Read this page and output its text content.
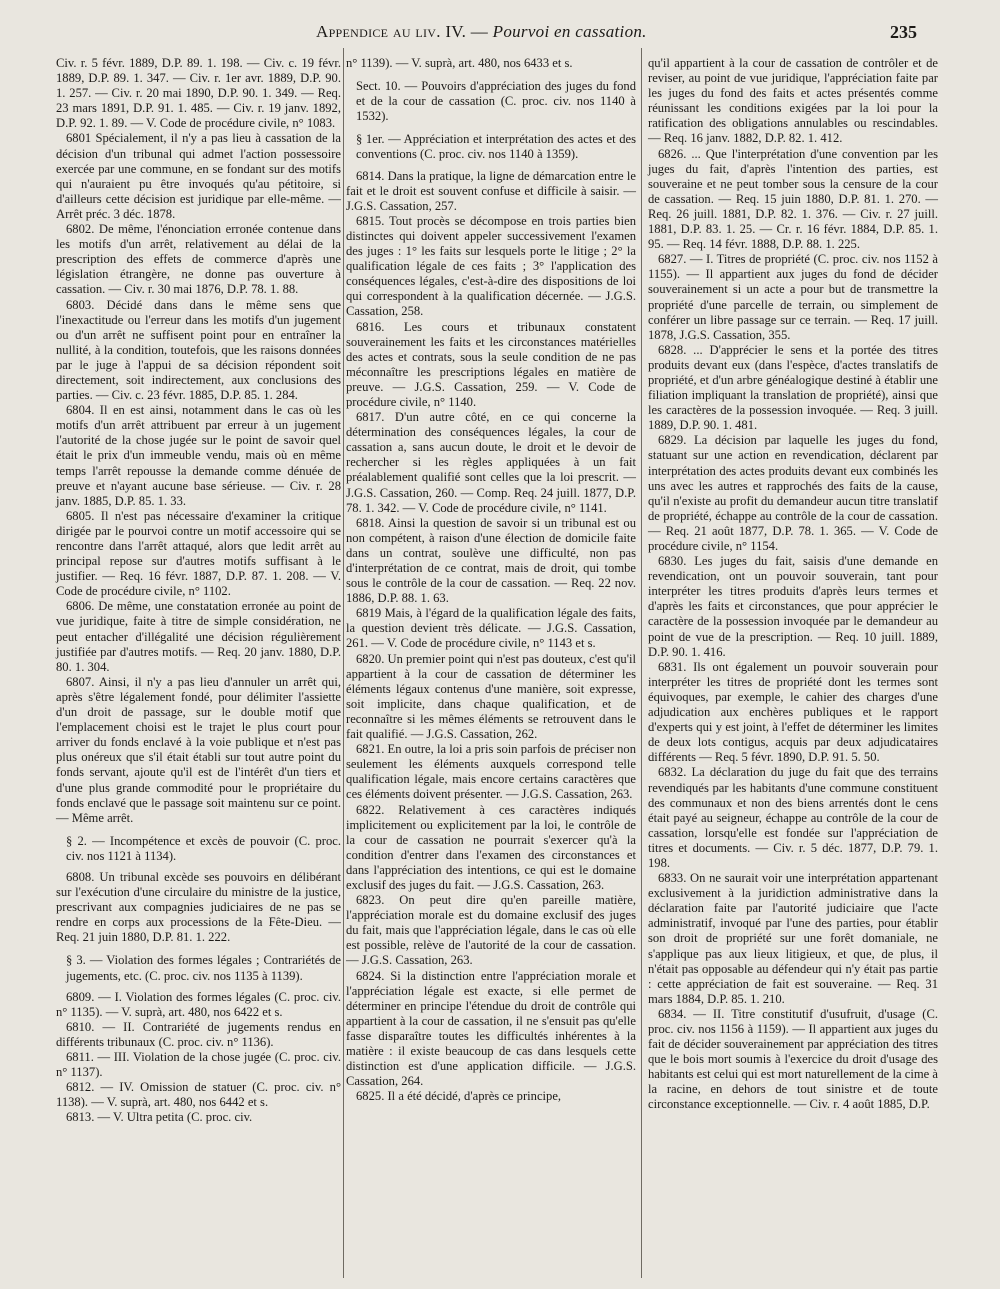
Appendice au liv. IV. — Pourvoi en cassation.	235

Civ. r. 5 févr. 1889, D.P. 89. 1. 198. — Civ. c. 19 févr. 1889, D.P. 89. 1. 347. — Civ. r. 1er avr. 1889, D.P. 90. 1. 257. — Civ. r. 20 mai 1890, D.P. 90. 1. 349. — Req. 23 mars 1891, D.P. 91. 1. 485. — Civ. r. 19 janv. 1892, D.P. 92. 1. 89. — V. Code de procédure civile, n° 1083.

6801 Spécialement, il n'y a pas lieu à cassation de la décision d'un tribunal qui admet l'action possessoire exercée par une commune, en se fondant sur des motifs qui n'auraient pu être invoqués qu'au pétitoire, si d'ailleurs cette décision est juridique par elle-même. — Arrêt préc. 3 déc. 1878.

6802. De même, l'énonciation erronée contenue dans les motifs d'un arrêt, relativement au délai de la prescription des effets de commerce d'après une législation étrangère, ne donne pas ouverture à cassation. — Civ. r. 30 mai 1876, D.P. 78. 1. 88.

6803. Décidé dans dans le même sens que l'inexactitude ou l'erreur dans les motifs d'un jugement ou d'un arrêt ne suffisent point pour en entraîner la nullité, à la condition, toutefois, que les raisons données par le juge à l'appui de sa décision répondent soit directement, soit indirectement, aux conclusions des parties. — Civ. c. 23 févr. 1885, D.P. 85. 1. 284.

6804. Il en est ainsi, notamment dans le cas où les motifs d'un arrêt attribuent par erreur à un jugement l'autorité de la chose jugée sur le point de savoir quel était le prix d'un immeuble vendu, mais où en même temps l'arrêt repousse la demande comme dénuée de preuve et n'ayant aucune base sérieuse. — Civ. r. 28 janv. 1885, D.P. 85. 1. 33.

6805. Il n'est pas nécessaire d'examiner la critique dirigée par le pourvoi contre un motif accessoire qui se rencontre dans l'arrêt attaqué, alors que ledit arrêt au principal repose sur d'autres motifs suffisant à le justifier. — Req. 16 févr. 1887, D.P. 87. 1. 208. — V. Code de procédure civile, n° 1102.

6806. De même, une constatation erronée au point de vue juridique, faite à titre de simple considération, ne peut entacher d'illégalité une décision régulièrement justifiée par d'autres motifs. — Req. 20 janv. 1880, D.P. 80. 1. 304.

6807. Ainsi, il n'y a pas lieu d'annuler un arrêt qui, après s'être légalement fondé, pour délimiter l'assiette d'un droit de passage, sur le double motif que l'emplacement choisi est le trajet le plus court pour arriver du fonds enclavé à la voie publique et n'est pas plus onéreux que s'il était établi sur tout autre point du fonds servant, ajoute qu'il est de l'intérêt d'un tiers et d'une plus grande commodité pour le propriétaire du fonds enclavé que le passage soit maintenu sur ce point. — Même arrêt.

§ 2. — Incompétence et excès de pouvoir (C. proc. civ. nos 1121 à 1134).

6808. Un tribunal excède ses pouvoirs en délibérant sur l'exécution d'une circulaire du ministre de la justice, prescrivant aux compagnies judiciaires de ne pas se rendre en corps aux processions de la Fête-Dieu. — Req. 21 juin 1880, D.P. 81. 1. 222.

§ 3. — Violation des formes légales ; Contrariétés de jugements, etc. (C. proc. civ. nos 1135 à 1139).

6809. — I. Violation des formes légales (C. proc. civ. n° 1135). — V. suprà, art. 480, nos 6422 et s.

6810. — II. Contrariété de jugements rendus en différents tribunaux (C. proc. civ. n° 1136).

6811. — III. Violation de la chose jugée (C. proc. civ. n° 1137).

6812. — IV. Omission de statuer (C. proc. civ. n° 1138). — V. suprà, art. 480, nos 6442 et s.

6813. — V. Ultra petita (C. proc. civ.

n° 1139). — V. suprà, art. 480, nos 6433 et s.

Sect. 10. — Pouvoirs d'appréciation des juges du fond et de la cour de cassation (C. proc. civ. nos 1140 à 1532).

§ 1er. — Appréciation et interprétation des actes et des conventions (C. proc. civ. nos 1140 à 1359).

6814. Dans la pratique, la ligne de démarcation entre le fait et le droit est souvent confuse et difficile à saisir. — J.G.S. Cassation, 257.

6815. Tout procès se décompose en trois parties bien distinctes qui doivent appeler successivement l'examen des juges : 1° les faits sur lesquels porte le litige ; 2° la qualification légale de ces faits ; 3° l'application des conséquences légales, c'est-à-dire des dispositions de loi qui correspondent à la qualification décernée. — J.G.S. Cassation, 258.

6816. Les cours et tribunaux constatent souverainement les faits et les circonstances matérielles des actes et contrats, sous la seule condition de ne pas méconnaître les prescriptions légales en matière de preuve. — J.G.S. Cassation, 259. — V. Code de procédure civile, n° 1140.

6817. D'un autre côté, en ce qui concerne la détermination des conséquences légales, la cour de cassation a, sans aucun doute, le droit et le devoir de rechercher si les règles appliquées à un fait préalablement qualifié sont celles que la loi prescrit. — J.G.S. Cassation, 260. — Comp. Req. 24 juill. 1877, D.P. 78. 1. 342. — V. Code de procédure civile, n° 1141.

6818. Ainsi la question de savoir si un tribunal est ou non compétent, à raison d'une élection de domicile faite dans un contrat, soulève une difficulté, non pas d'interprétation de ce contrat, mais de droit, qui tombe sous le contrôle de la cour de cassation. — Req. 22 nov. 1886, D.P. 88. 1. 63.

6819 Mais, à l'égard de la qualification légale des faits, la question devient très délicate. — J.G.S. Cassation, 261. — V. Code de procédure civile, n° 1143 et s.

6820. Un premier point qui n'est pas douteux, c'est qu'il appartient à la cour de cassation de déterminer les éléments légaux contenus d'une manière, soit expresse, soit implicite, dans chaque qualification, et de reconnaître si les mêmes éléments se retrouvent dans le fait qualifié. — J.G.S. Cassation, 262.

6821. En outre, la loi a pris soin parfois de préciser non seulement les éléments auxquels correspond telle qualification légale, mais encore certains caractères que ces éléments doivent présenter. — J.G.S. Cassation, 263.

6822. Relativement à ces caractères indiqués implicitement ou explicitement par la loi, le contrôle de la cour de cassation ne pourrait s'exercer qu'à la condition d'entrer dans l'examen des circonstances et dans l'appréciation des intentions, ce qui est le domaine exclusif des juges du fait. — J.G.S. Cassation, 263.

6823. On peut dire qu'en pareille matière, l'appréciation morale est du domaine exclusif des juges du fait, mais que l'appréciation légale, dans le cas où elle est possible, relève de l'autorité de la cour de cassation. — J.G.S. Cassation, 263.

6824. Si la distinction entre l'appréciation morale et l'appréciation légale est exacte, si elle permet de déterminer en principe l'étendue du droit de contrôle qui appartient à la cour de cassation, il ne s'ensuit pas qu'elle fasse disparaître toutes les difficultés inhérentes à la matière : il existe beaucoup de cas dans lesquels cette distinction est d'une application difficile. — J.G.S. Cassation, 264.

6825. Il a été décidé, d'après ce principe,

qu'il appartient à la cour de cassation de contrôler et de reviser, au point de vue juridique, l'appréciation faite par les juges du fond des faits et actes présentés comme réunissant les conditions exigées par la loi pour la ratification des obligations annulables ou rescindables. — Req. 16 janv. 1882, D.P. 82. 1. 412.

6826. ... Que l'interprétation d'une convention par les juges du fait, d'après l'intention des parties, est souveraine et ne peut tomber sous la censure de la cour de cassation. — Req. 15 juin 1880, D.P. 81. 1. 270. — Req. 26 juill. 1881, D.P. 82. 1. 376. — Civ. r. 27 juill. 1881, D.P. 83. 1. 25. — Cr. r. 16 févr. 1884, D.P. 85. 1. 95. — Req. 14 févr. 1888, D.P. 88. 1. 225.

6827. — I. Titres de propriété (C. proc. civ. nos 1152 à 1155). — Il appartient aux juges du fond de décider souverainement si un acte a pour but de transmettre la propriété d'une parcelle de terrain, ou simplement de conférer un libre passage sur ce terrain. — Req. 17 juill. 1878, J.G.S. Cassation, 355.

6828. ... D'apprécier le sens et la portée des titres produits devant eux (dans l'espèce, d'actes translatifs de propriété, et d'un arbre généalogique destiné à établir une filiation impliquant la translation de propriété), ainsi que les caractères de la possession invoquée. — Req. 3 juill. 1889, D.P. 90. 1. 481.

6829. La décision par laquelle les juges du fond, statuant sur une action en revendication, déclarent par interprétation des actes produits devant eux combinés les uns avec les autres et rapprochés des faits de la cause, qu'il n'existe au profit du demandeur aucun titre translatif de propriété, échappe au contrôle de la cour de cassation. — Req. 21 août 1877, D.P. 78. 1. 365. — V. Code de procédure civile, n° 1154.

6830. Les juges du fait, saisis d'une demande en revendication, ont un pouvoir souverain, tant pour interpréter les titres produits d'après leurs termes et d'après les faits et circonstances, que pour apprécier le caractère de la possession invoquée par le demandeur au point de vue de la prescription. — Req. 10 juill. 1889, D.P. 90. 1. 416.

6831. Ils ont également un pouvoir souverain pour interpréter les titres de propriété dont les termes sont équivoques, par exemple, le cahier des charges d'une adjudication aux enchères publiques et le rapport d'experts qui y est joint, à l'effet de déterminer les limites de deux lots contigus, acquis par deux adjudicataires différents — Req. 5 févr. 1890, D.P. 91. 5. 50.

6832. La déclaration du juge du fait que des terrains revendiqués par les habitants d'une commune constituent des communaux et non des biens arrentés dont le cens était payé au seigneur, échappe au contrôle de la cour de cassation, lorsqu'elle est fondée sur l'appréciation de titres et documents. — Civ. r. 5 déc. 1877, D.P. 79. 1. 198.

6833. On ne saurait voir une interprétation appartenant exclusivement à la juridiction administrative dans la déclaration faite par l'autorité judiciaire que l'acte administratif, invoqué par l'une des parties, pour établir son droit de propriété sur une forêt domaniale, ne s'applique pas aux lieux litigieux, et que, de plus, il n'était pas opposable au défendeur qui n'y était pas partie : cette appréciation de fait est souveraine. — Req. 31 mars 1884, D.P. 85. 1. 210.

6834. — II. Titre constitutif d'usufruit, d'usage (C. proc. civ. nos 1156 à 1159). — Il appartient aux juges du fait de décider souverainement par appréciation des titres que le bois mort soumis à l'exercice du droit d'usage des habitants est celui qui est mort naturellement de la cime à la racine, en dehors de tout sinistre et de toute circonstance exceptionnelle. — Civ. r. 4 août 1885, D.P.
